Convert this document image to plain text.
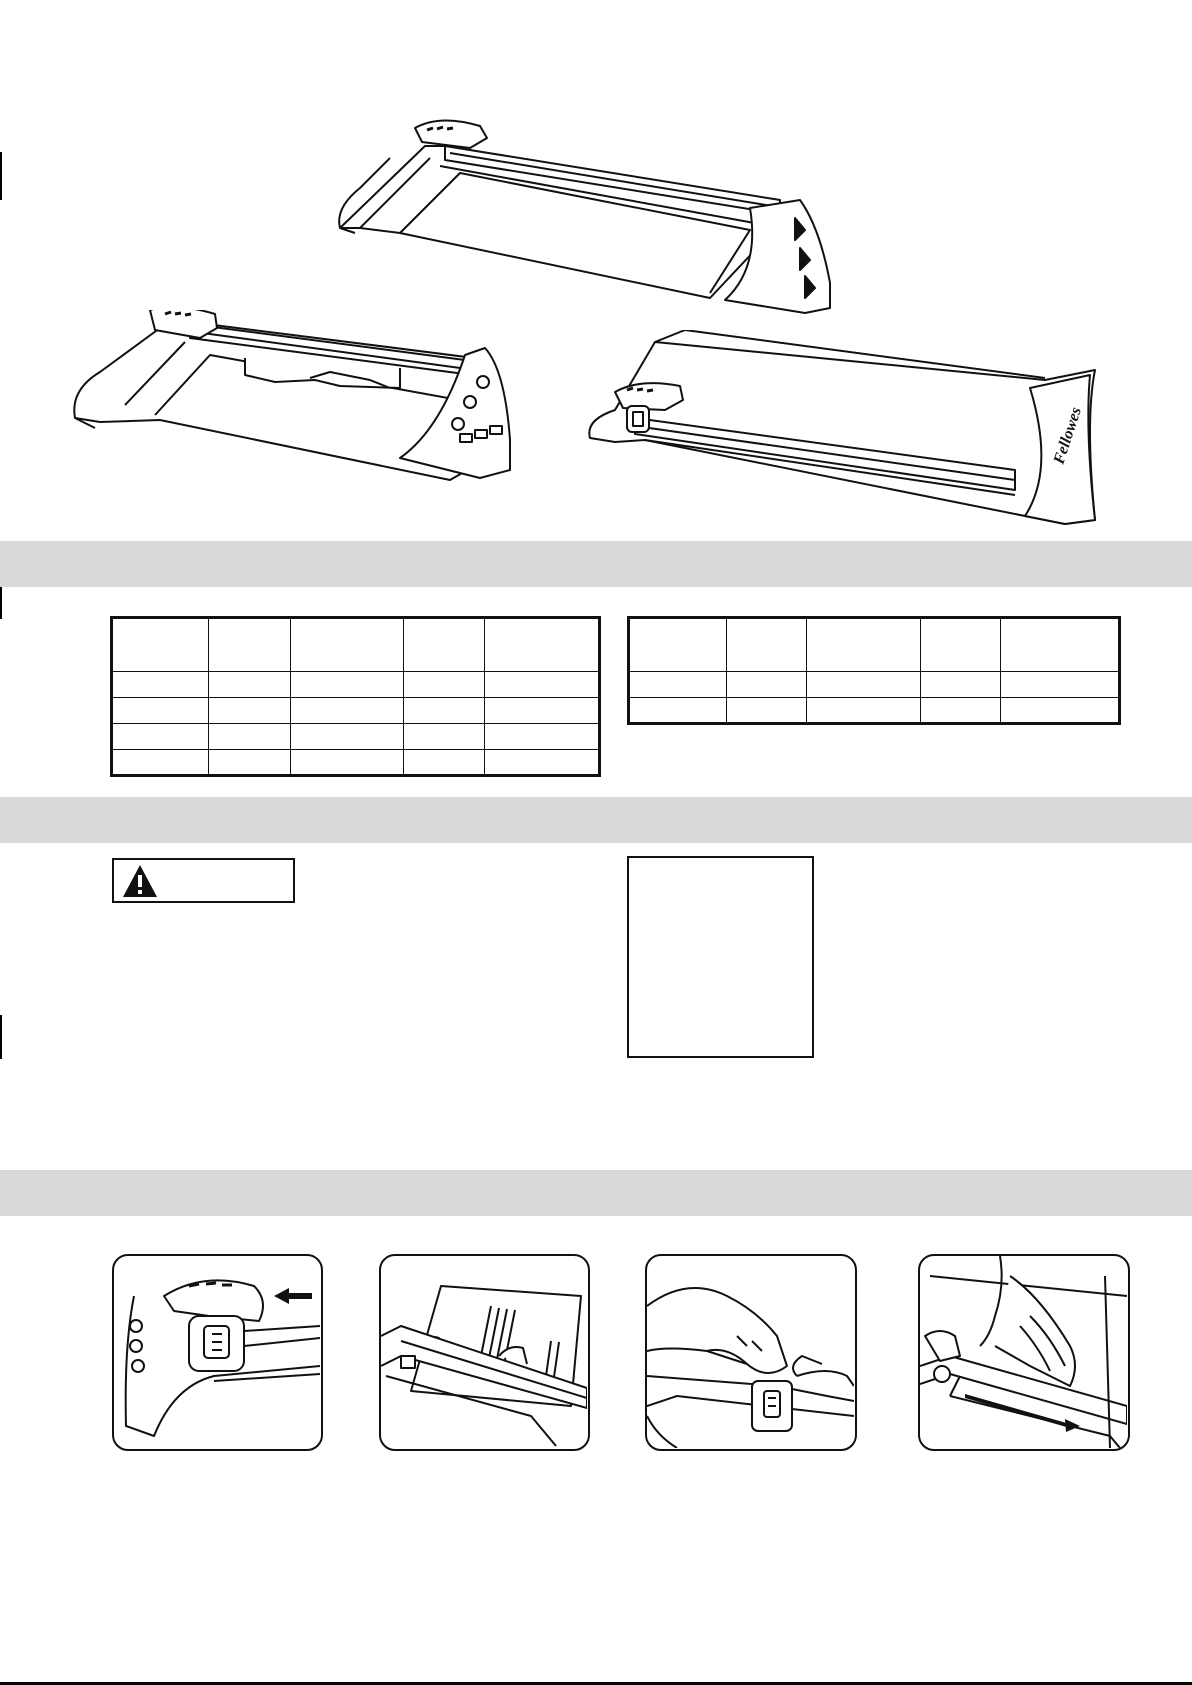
Fellowes
